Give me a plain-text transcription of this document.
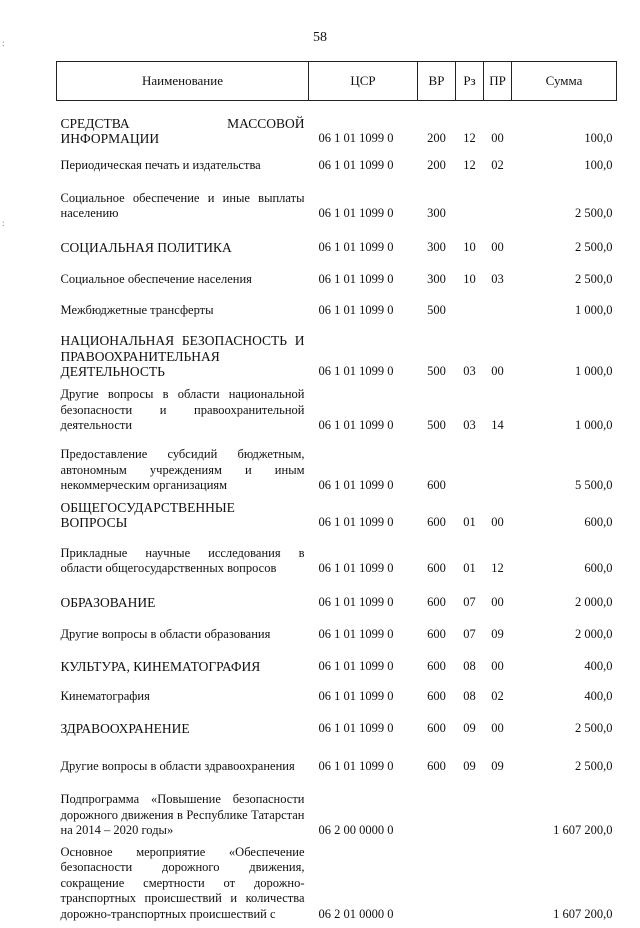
58
:
:
Наименование	ЦСР	ВР	Рз	ПР	Сумма
СРЕДСТВА МАССОВОЙ ИНФОРМАЦИИ	06 1 01 1099 0	200	12	00	100,0
Периодическая печать и издательства	06 1 01 1099 0	200	12	02	100,0
Социальное обеспечение и иные выплаты населению	06 1 01 1099 0	300			2 500,0
СОЦИАЛЬНАЯ ПОЛИТИКА	06 1 01 1099 0	300	10	00	2 500,0
Социальное обеспечение населения	06 1 01 1099 0	300	10	03	2 500,0
Межбюджетные трансферты	06 1 01 1099 0	500			1 000,0
НАЦИОНАЛЬНАЯ БЕЗОПАСНОСТЬ И ПРАВООХРАНИТЕЛЬНАЯ ДЕЯТЕЛЬНОСТЬ	06 1 01 1099 0	500	03	00	1 000,0
Другие вопросы в области национальной безопасности и правоохранительной деятельности	06 1 01 1099 0	500	03	14	1 000,0
Предоставление субсидий бюджетным, автономным учреждениям и иным некоммерческим организациям	06 1 01 1099 0	600			5 500,0
ОБЩЕГОСУДАРСТВЕННЫЕ ВОПРОСЫ	06 1 01 1099 0	600	01	00	600,0
Прикладные научные исследования в области общегосударственных вопросов	06 1 01 1099 0	600	01	12	600,0
ОБРАЗОВАНИЕ	06 1 01 1099 0	600	07	00	2 000,0
Другие вопросы в области образования	06 1 01 1099 0	600	07	09	2 000,0
КУЛЬТУРА, КИНЕМАТОГРАФИЯ	06 1 01 1099 0	600	08	00	400,0
Кинематография	06 1 01 1099 0	600	08	02	400,0
ЗДРАВООХРАНЕНИЕ	06 1 01 1099 0	600	09	00	2 500,0
Другие вопросы в области здравоохранения	06 1 01 1099 0	600	09	09	2 500,0
Подпрограмма «Повышение безопасности дорожного движения в Республике Татарстан на 2014 – 2020 годы»	06 2 00 0000 0				1 607 200,0
Основное мероприятие «Обеспечение безопасности дорожного движения, сокращение смертности от дорожно-транспортных происшествий и количества дорожно-транспортных происшествий с	06 2 01 0000 0				1 607 200,0
